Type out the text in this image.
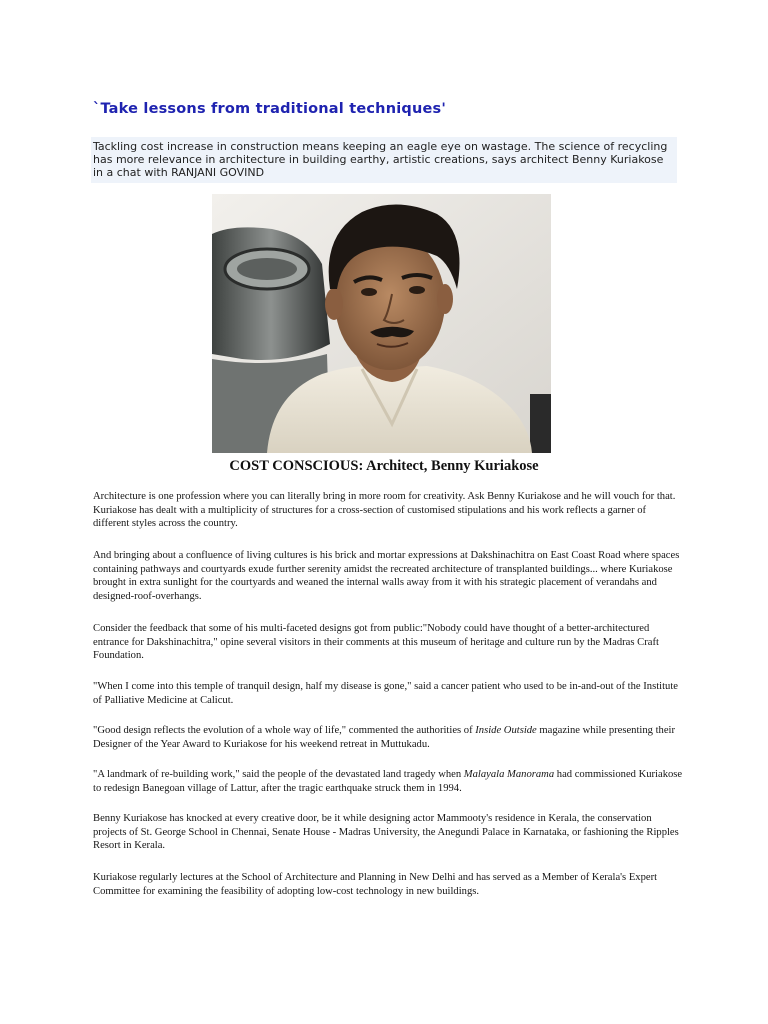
`Take lessons from traditional techniques'

Tackling cost increase in construction means keeping an eagle eye on wastage. The science of recycling has more relevance in architecture in building earthy, artistic creations, says architect Benny Kuriakose in a chat with RANJANI GOVIND

COST CONSCIOUS: Architect, Benny Kuriakose

Architecture is one profession where you can literally bring in more room for creativity. Ask Benny Kuriakose and he will vouch for that. Kuriakose has dealt with a multiplicity of structures for a cross-section of customised stipulations and his work reflects a garner of different styles across the country.

And bringing about a confluence of living cultures is his brick and mortar expressions at Dakshinachitra on East Coast Road where spaces containing pathways and courtyards exude further serenity amidst the recreated architecture of transplanted buildings... where Kuriakose brought in extra sunlight for the courtyards and weaned the internal walls away from it with his strategic placement of verandahs and designed-roof-overhangs.

Consider the feedback that some of his multi-faceted designs got from public:"Nobody could have thought of a better-architectured entrance for Dakshinachitra," opine several visitors in their comments at this museum of heritage and culture run by the Madras Craft Foundation.

"When I come into this temple of tranquil design, half my disease is gone," said a cancer patient who used to be in-and-out of the Institute of Palliative Medicine at Calicut.

"Good design reflects the evolution of a whole way of life," commented the authorities of Inside Outside magazine while presenting their Designer of the Year Award to Kuriakose for his weekend retreat in Muttukadu.

"A landmark of re-building work," said the people of the devastated land tragedy when Malayala Manorama had commissioned Kuriakose to redesign Banegoan village of Lattur, after the tragic earthquake struck them in 1994.

Benny Kuriakose has knocked at every creative door, be it while designing actor Mammooty's residence in Kerala, the conservation projects of St. George School in Chennai, Senate House - Madras University, the Anegundi Palace in Karnataka, or fashioning the Ripples Resort in Kerala.

Kuriakose regularly lectures at the School of Architecture and Planning in New Delhi and has served as a Member of Kerala's Expert Committee for examining the feasibility of adopting low-cost technology in new buildings.
